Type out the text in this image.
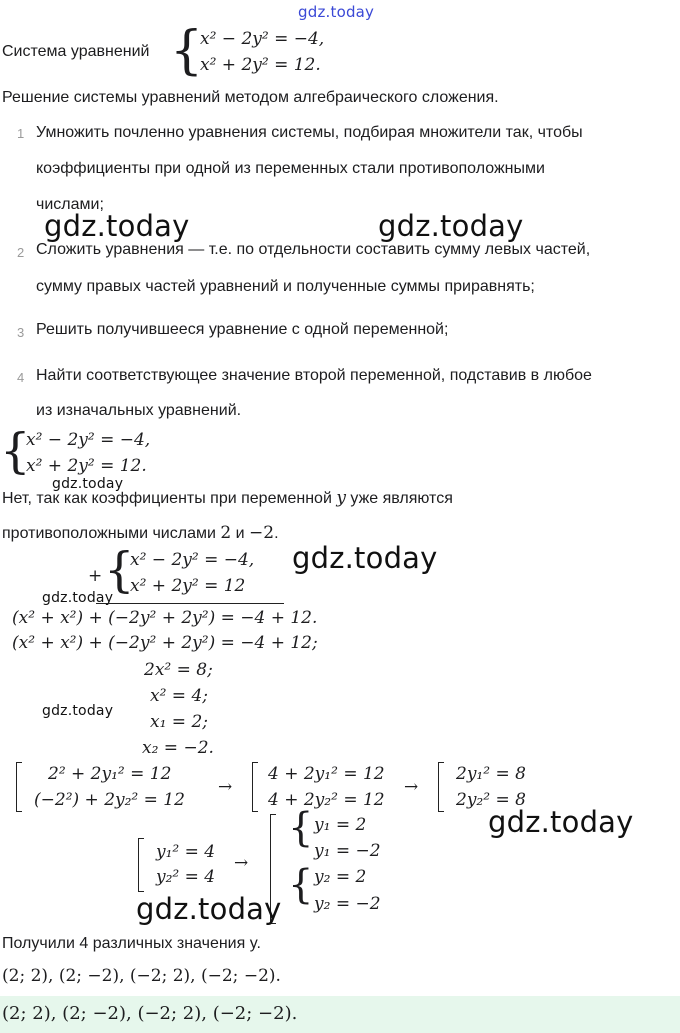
gdz.today
Система уравнений {
x² − 2y² = −4,
x² + 2y² = 12.
Решение системы уравнений методом алгебраического сложения.
1 Умножить почленно уравнения системы, подбирая множители так, чтобы
коэффициенты при одной из переменных стали противоположными
числами;
gdz.today	gdz.today
2 Сложить уравнения — т.е. по отдельности составить сумму левых частей,
сумму правых частей уравнений и полученные суммы приравнять;
3 Решить получившееся уравнение с одной переменной;
4 Найти соответствующее значение второй переменной, подставив в любое
из изначальных уравнений.
{
x² − 2y² = −4,
x² + 2y² = 12.
gdz.today
Нет, так как коэффициенты при переменной y уже являются
противоположными числами 2 и −2.
+ {
x² − 2y² = −4,
x² + 2y² = 12
gdz.today
gdz.today
(x² + x²) + (−2y² + 2y²) = −4 + 12.
(x² + x²) + (−2y² + 2y²) = −4 + 12;
2x² = 8;
x² = 4;
gdz.today
x₁ = 2;
x₂ = −2.
2² + 2y₁² = 12
(−2²) + 2y₂² = 12
→
4 + 2y₁² = 12
4 + 2y₂² = 12
→
2y₁² = 8
2y₂² = 8
gdz.today
y₁² = 4
y₂² = 4
→
{
{
y₁ = 2
y₁ = −2
y₂ = 2
y₂ = −2
gdz.today
Получили 4 различных значения y.
(2; 2), (2; −2), (−2; 2), (−2; −2).
(2; 2), (2; −2), (−2; 2), (−2; −2).
